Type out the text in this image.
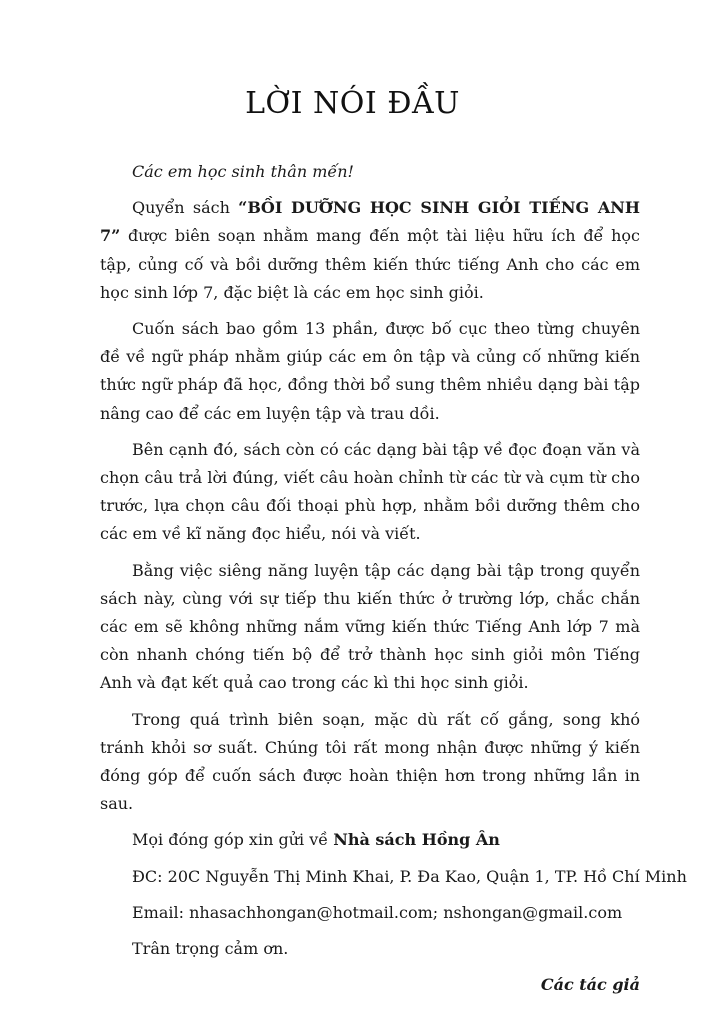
LỜI NÓI ĐẦU

Các em học sinh thân mến!

Quyển sách “BỒI DƯỠNG HỌC SINH GIỎI TIẾNG ANH 7” được biên soạn nhằm mang đến một tài liệu hữu ích để học tập, củng cố và bồi dưỡng thêm kiến thức tiếng Anh cho các em học sinh lớp 7, đặc biệt là các em học sinh giỏi.

Cuốn sách bao gồm 13 phần, được bố cục theo từng chuyên đề về ngữ pháp nhằm giúp các em ôn tập và củng cố những kiến thức ngữ pháp đã học, đồng thời bổ sung thêm nhiều dạng bài tập nâng cao để các em luyện tập và trau dồi.

Bên cạnh đó, sách còn có các dạng bài tập về đọc đoạn văn và chọn câu trả lời đúng, viết câu hoàn chỉnh từ các từ và cụm từ cho trước, lựa chọn câu đối thoại phù hợp, nhằm bồi dưỡng thêm cho các em về kĩ năng đọc hiểu, nói và viết.

Bằng việc siêng năng luyện tập các dạng bài tập trong quyển sách này, cùng với sự tiếp thu kiến thức ở trường lớp, chắc chắn các em sẽ không những nắm vững kiến thức Tiếng Anh lớp 7 mà còn nhanh chóng tiến bộ để trở thành học sinh giỏi môn Tiếng Anh và đạt kết quả cao trong các kì thi học sinh giỏi.

Trong quá trình biên soạn, mặc dù rất cố gắng, song khó tránh khỏi sơ suất. Chúng tôi rất mong nhận được những ý kiến đóng góp để cuốn sách được hoàn thiện hơn trong những lần in sau.

Mọi đóng góp xin gửi về Nhà sách Hồng Ân

ĐC: 20C Nguyễn Thị Minh Khai, P. Đa Kao, Quận 1, TP. Hồ Chí Minh

Email: nhasachhongan@hotmail.com; nshongan@gmail.com

Trân trọng cảm ơn.

Các tác giả
